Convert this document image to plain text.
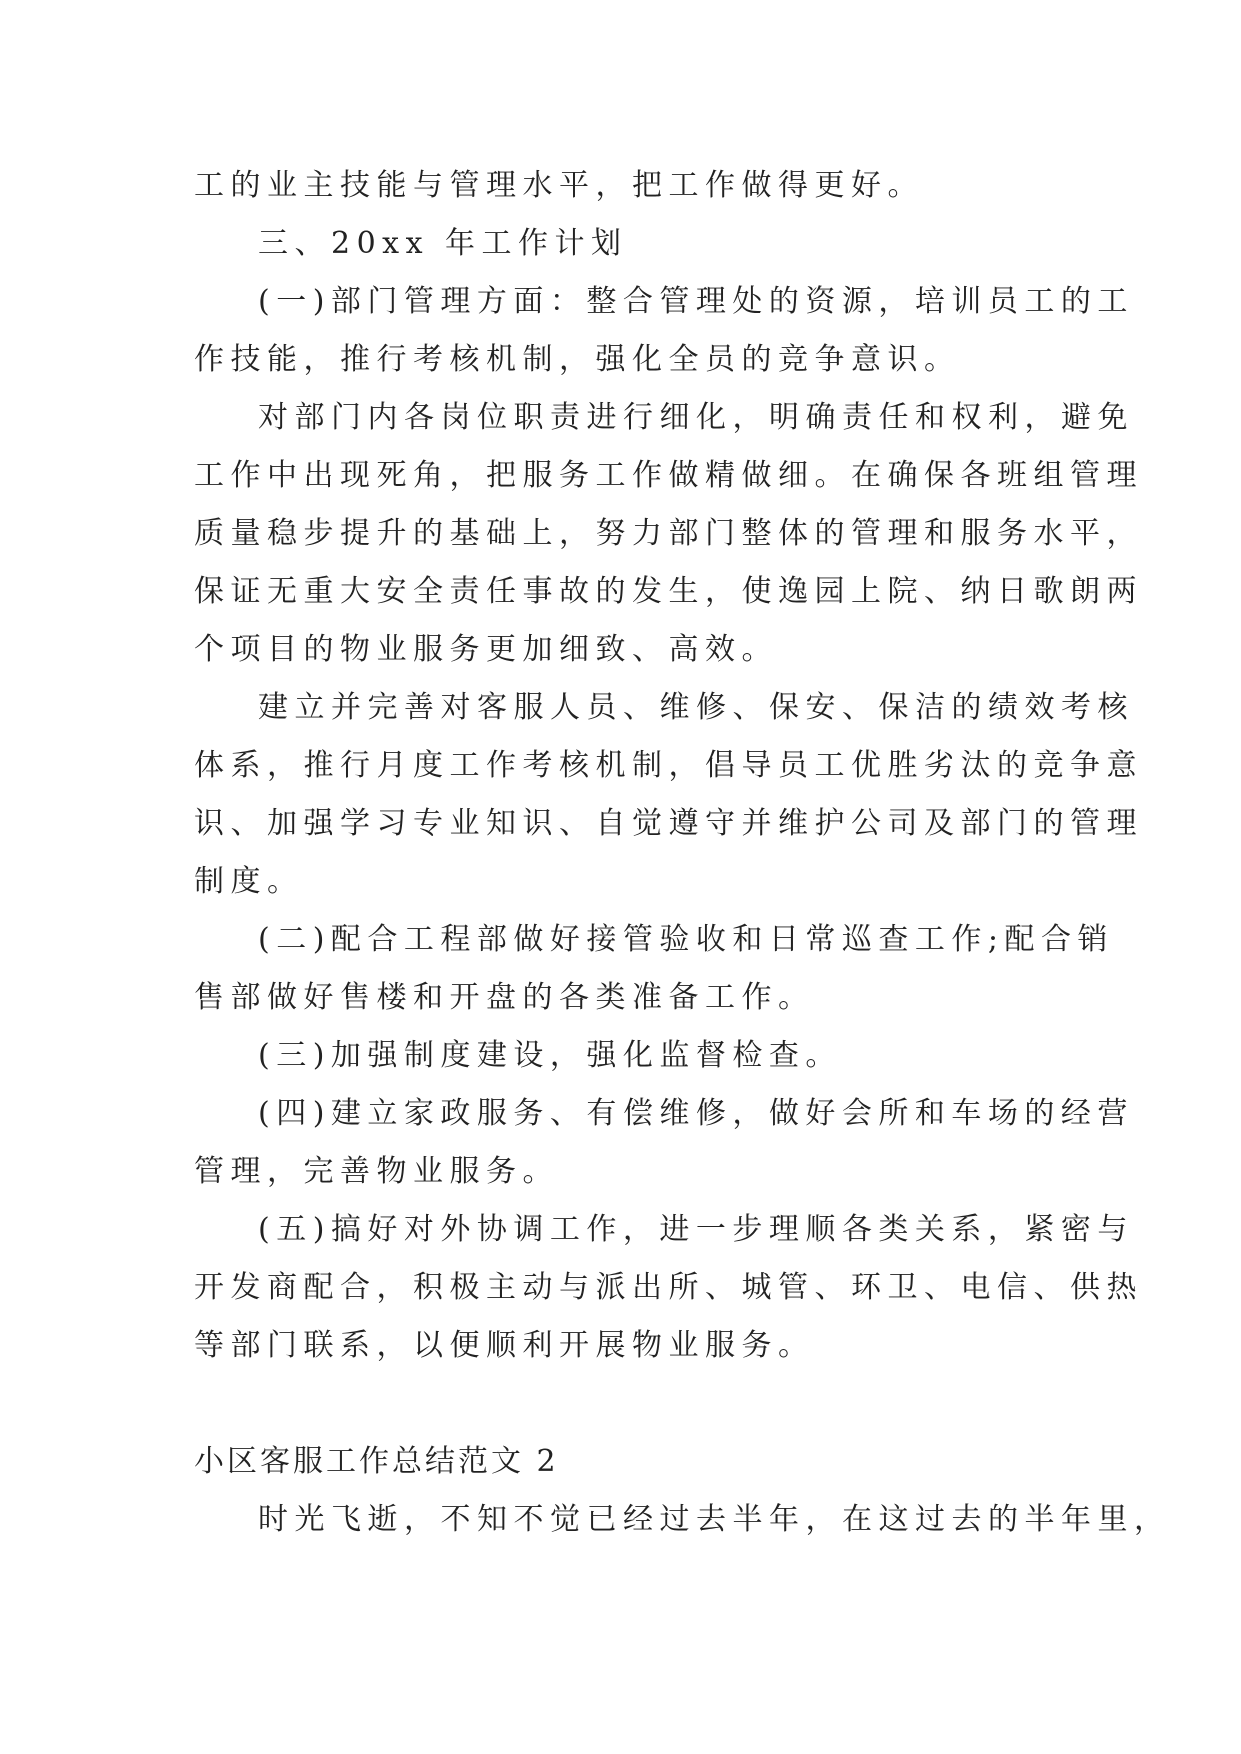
工的业主技能与管理水平，把工作做得更好。
三、20xx 年工作计划
(一)部门管理方面：整合管理处的资源，培训员工的工
作技能，推行考核机制，强化全员的竞争意识。
对部门内各岗位职责进行细化，明确责任和权利，避免
工作中出现死角，把服务工作做精做细。在确保各班组管理
质量稳步提升的基础上，努力部门整体的管理和服务水平，
保证无重大安全责任事故的发生，使逸园上院、纳日歌朗两
个项目的物业服务更加细致、高效。
建立并完善对客服人员、维修、保安、保洁的绩效考核
体系，推行月度工作考核机制，倡导员工优胜劣汰的竞争意
识、加强学习专业知识、自觉遵守并维护公司及部门的管理
制度。
(二)配合工程部做好接管验收和日常巡查工作;配合销
售部做好售楼和开盘的各类准备工作。
(三)加强制度建设，强化监督检查。
(四)建立家政服务、有偿维修，做好会所和车场的经营
管理，完善物业服务。
(五)搞好对外协调工作，进一步理顺各类关系，紧密与
开发商配合，积极主动与派出所、城管、环卫、电信、供热
等部门联系，以便顺利开展物业服务。
小区客服工作总结范文 2
时光飞逝，不知不觉已经过去半年，在这过去的半年里，
